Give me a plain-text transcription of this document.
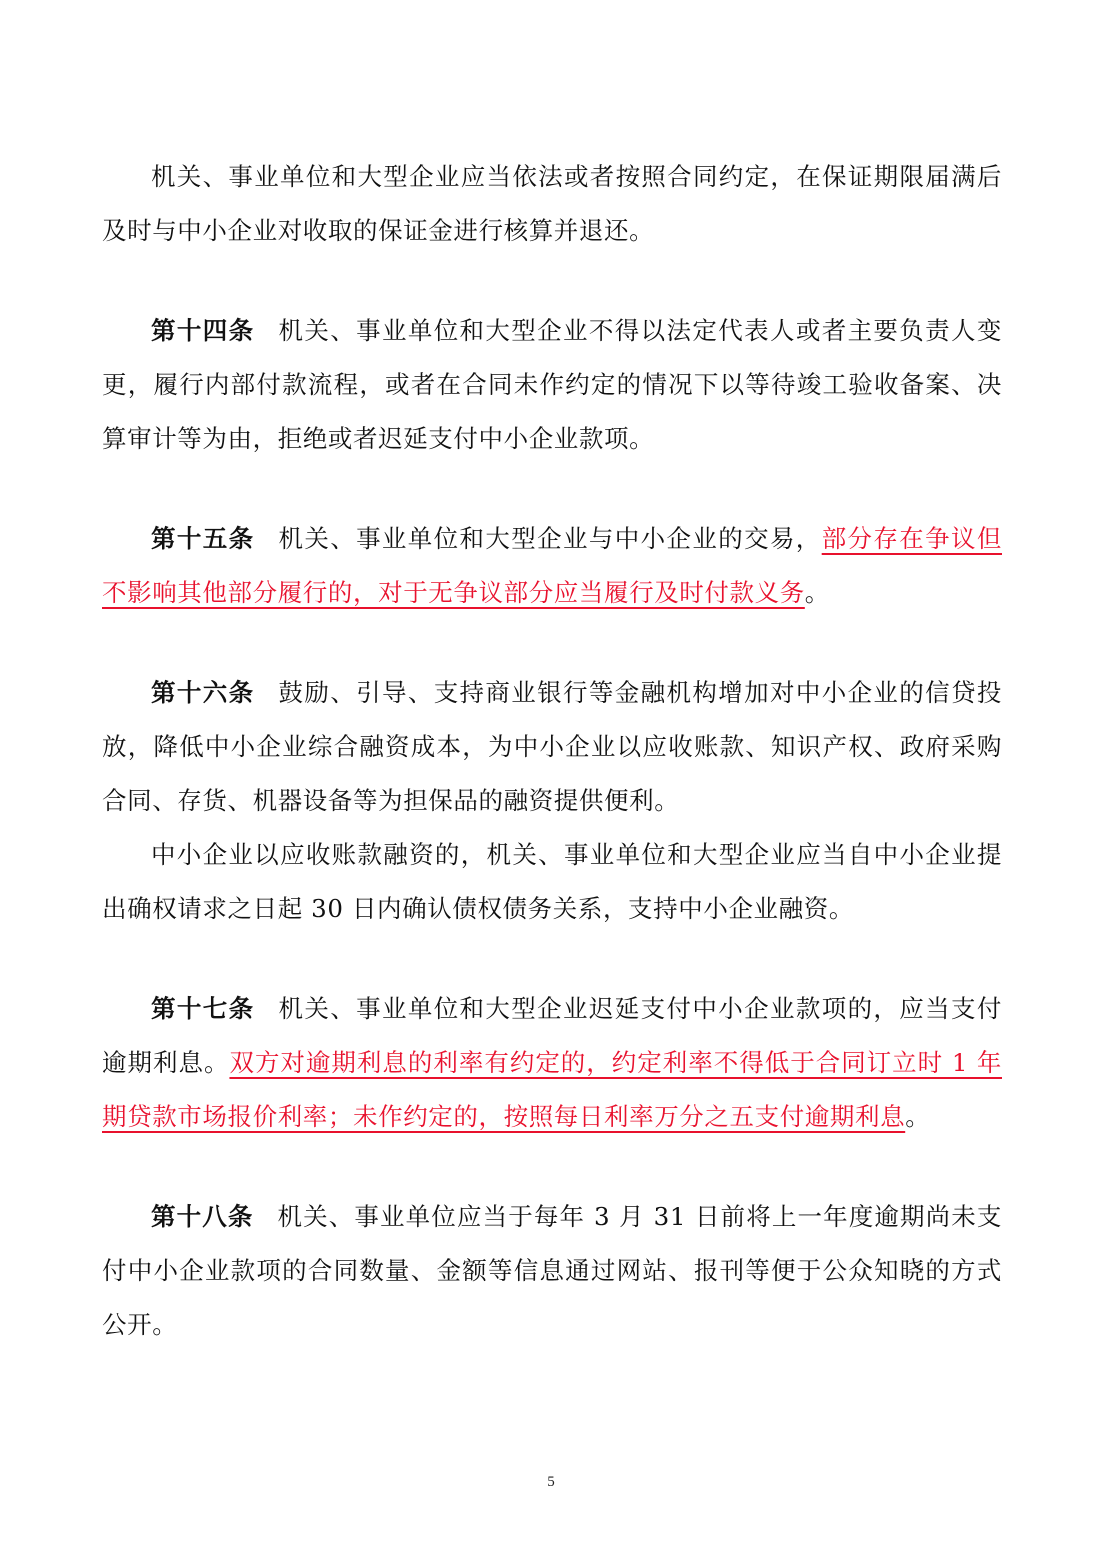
机关、事业单位和大型企业应当依法或者按照合同约定，在保证期限届满后及时与中小企业对收取的保证金进行核算并退还。

第十四条 机关、事业单位和大型企业不得以法定代表人或者主要负责人变更，履行内部付款流程，或者在合同未作约定的情况下以等待竣工验收备案、决算审计等为由，拒绝或者迟延支付中小企业款项。

第十五条 机关、事业单位和大型企业与中小企业的交易，部分存在争议但不影响其他部分履行的，对于无争议部分应当履行及时付款义务。

第十六条 鼓励、引导、支持商业银行等金融机构增加对中小企业的信贷投放，降低中小企业综合融资成本，为中小企业以应收账款、知识产权、政府采购合同、存货、机器设备等为担保品的融资提供便利。

中小企业以应收账款融资的，机关、事业单位和大型企业应当自中小企业提出确权请求之日起 30 日内确认债权债务关系，支持中小企业融资。

第十七条 机关、事业单位和大型企业迟延支付中小企业款项的，应当支付逾期利息。双方对逾期利息的利率有约定的，约定利率不得低于合同订立时 1 年期贷款市场报价利率；未作约定的，按照每日利率万分之五支付逾期利息。

第十八条 机关、事业单位应当于每年 3 月 31 日前将上一年度逾期尚未支付中小企业款项的合同数量、金额等信息通过网站、报刊等便于公众知晓的方式公开。

5
